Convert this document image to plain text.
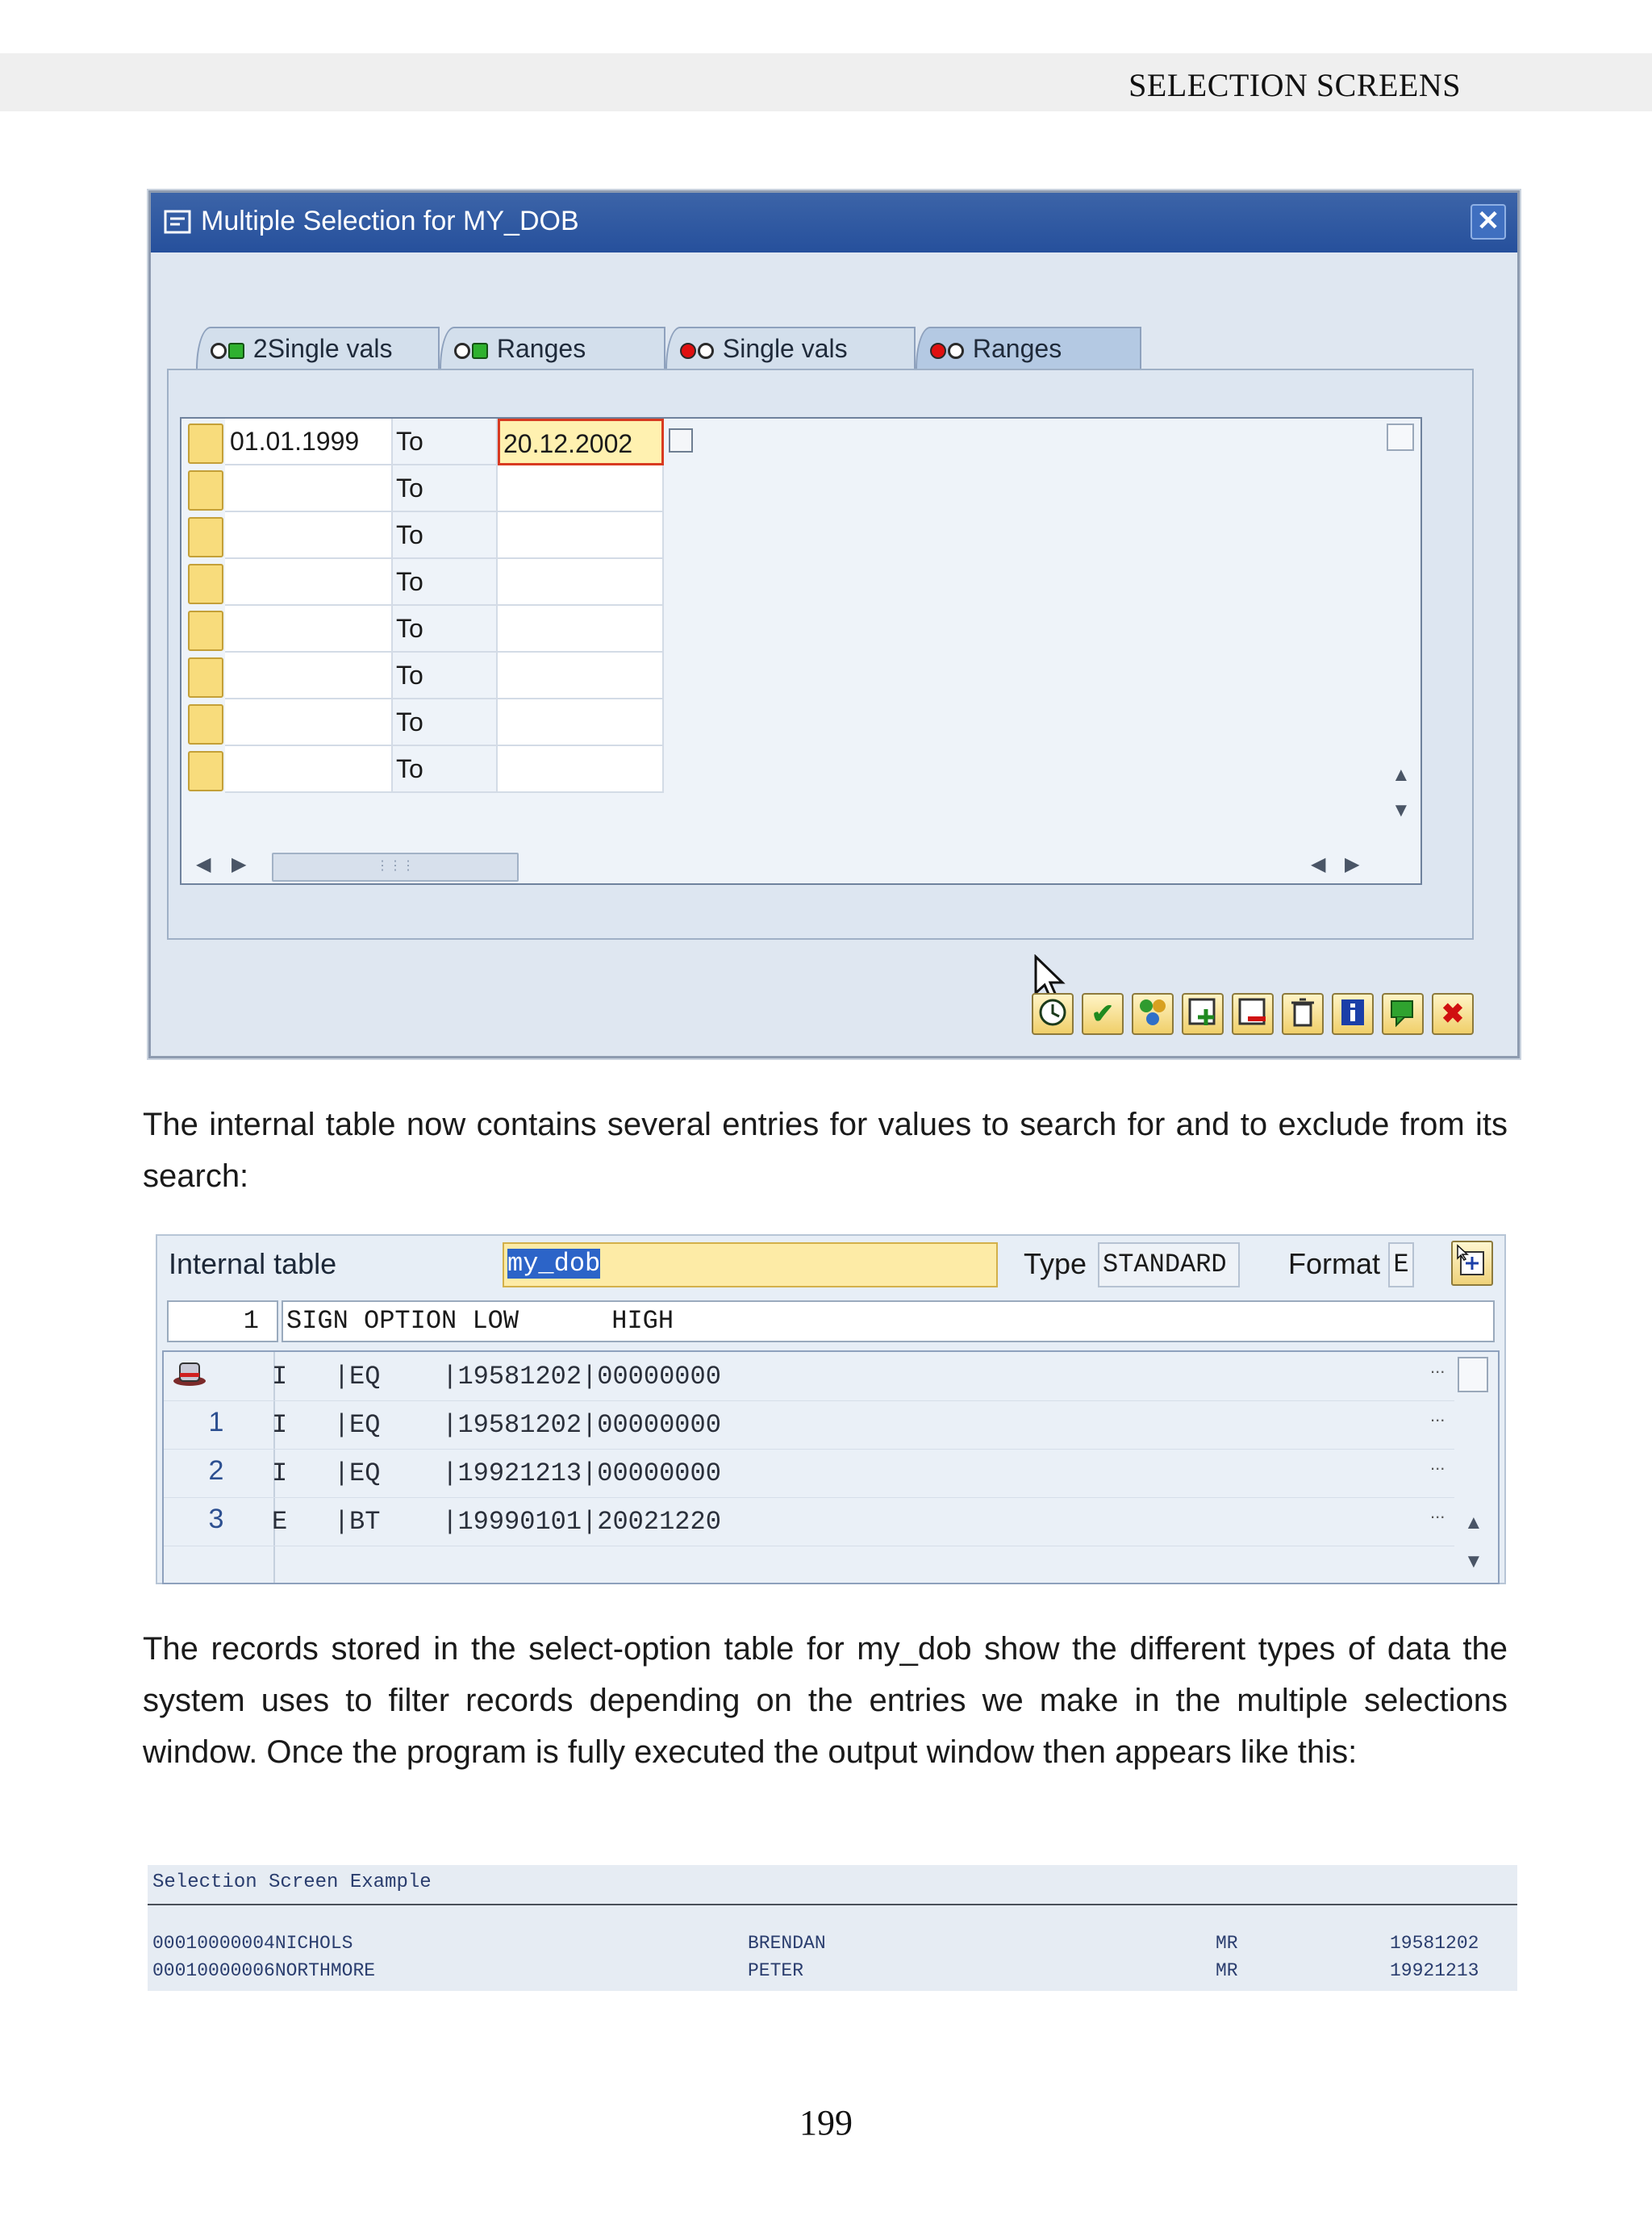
SELECTION SCREENS
Multiple Selection for MY_DOB	✕
2Single vals	Ranges	Single vals	Ranges
01.01.1999	To	20.12.2002
To
To
To
To
To
To
To	▲
▼
◀ ▶	⋮⋮⋮	◀ ▶
✔	✖
The internal table now contains several entries for values to search for and to exclude from its search:
Internal table	my_dob	Type STANDARD	Format E
1	SIGN OPTION LOW      HIGH
I   |EQ    |19581202|00000000	...
1	I   |EQ    |19581202|00000000	...
2	I   |EQ    |19921213|00000000	...
3	E   |BT    |19990101|20021220	... ▲
▼
The records stored in the select-option table for my_dob show the different types of data the system uses to filter records depending on the entries we make in the multiple selections window. Once the program is fully executed the output window then appears like this:
Selection Screen Example
00010000004NICHOLS	BRENDAN	MR	19581202
00010000006NORTHMORE	PETER	MR	19921213
199
